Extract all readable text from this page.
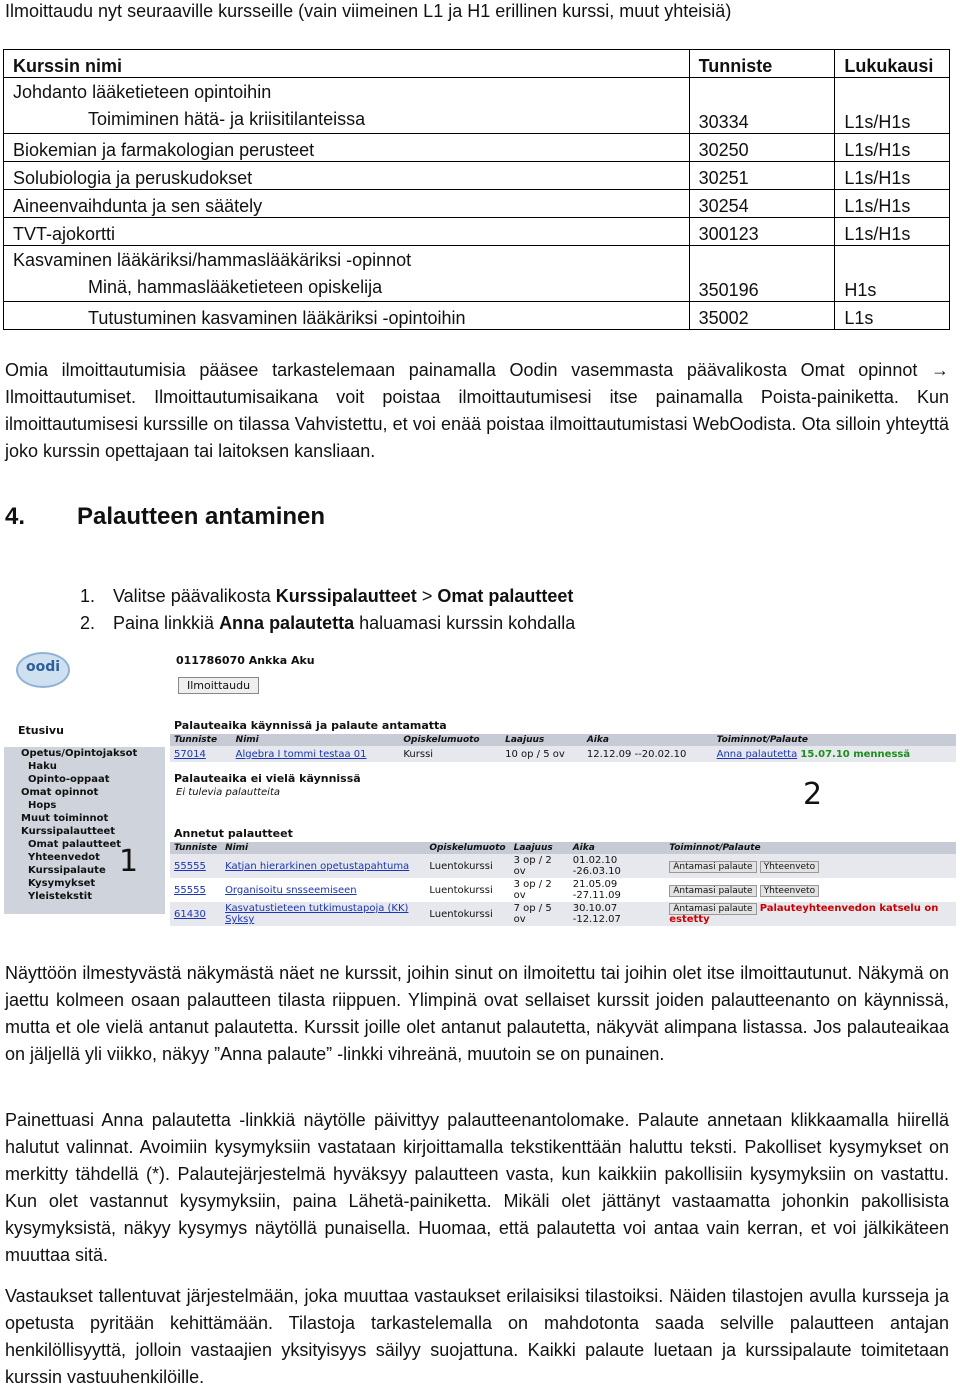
Ilmoittaudu nyt seuraaville kursseille (vain viimeinen L1 ja H1 erillinen kurssi, muut yhteisiä)
Kurssin nimi	Tunniste	Lukukausi

Johdanto lääketieteen opintoihin
Toimiminen hätä- ja kriisitilanteissa	30334	L1s/H1s
Biokemian ja farmakologian perusteet	30250	L1s/H1s
Solubiologia ja peruskudokset	30251	L1s/H1s
Aineenvaihdunta ja sen säätely	30254	L1s/H1s
TVT-ajokortti	300123	L1s/H1s

Kasvaminen lääkäriksi/hammaslääkäriksi -opinnot
Minä, hammaslääketieteen opiskelija	350196	H1s

Tutustuminen kasvaminen lääkäriksi -opintoihin	35002	L1s
Omia ilmoittautumisia pääsee tarkastelemaan painamalla Oodin vasemmasta päävalikosta Omat opinnot → Ilmoittautumiset. Ilmoittautumisaikana voit poistaa ilmoittautumisesi itse painamalla Poista-painiketta. Kun ilmoittautumisesi kurssille on tilassa Vahvistettu, et voi enää poistaa ilmoittautumistasi WebOodista. Ota silloin yhteyttä joko kurssin opettajaan tai laitoksen kansliaan.
4. Palautteen antaminen
1. Valitse päävalikosta Kurssipalautteet > Omat palautteet
2. Paina linkkiä Anna palautetta haluamasi kurssin kohdalla
oodi	011786070 Ankka Aku
Ilmoittaudu
Etusivu
Opetus/Opintojaksot
Haku
Opinto-oppaat
Omat opinnot
Hops
Muut toiminnot
Kurssipalautteet
Omat palautteet
Yhteenvedot
Kurssipalaute
Kysymykset
Yleistekstit
1
Palauteaika käynnissä ja palaute antamatta
Tunniste	Nimi	Opiskelumuoto	Laajuus	Aika	Toiminnot/Palaute
57014	Algebra I tommi testaa 01	Kurssi	10 op / 5 ov	12.12.09 --20.02.10	Anna palautetta 15.07.10 mennessä
Palauteaika ei vielä käynnissä
Ei tulevia palautteita	2
Annetut palautteet
Tunniste	Nimi	Opiskelumuoto	Laajuus	Aika	Toiminnot/Palaute
55555	Katjan hierarkinen opetustapahtuma	Luentokurssi	3 op / 2 ov	01.02.10 -26.03.10	Antamasi palaute Yhteenveto
55555	Organisoitu snsseemiseen	Luentokurssi	3 op / 2 ov	21.05.09 -27.11.09	Antamasi palaute Yhteenveto
61430	Kasvatustieteen tutkimustapoja (KK) Syksy	Luentokurssi	7 op / 5 ov	30.10.07 -12.12.07	Antamasi palaute Palauteyhteenvedon katselu on estetty
Näyttöön ilmestyvästä näkymästä näet ne kurssit, joihin sinut on ilmoitettu tai joihin olet itse ilmoittautunut. Näkymä on jaettu kolmeen osaan palautteen tilasta riippuen. Ylimpinä ovat sellaiset kurssit joiden palautteenanto on käynnissä, mutta et ole vielä antanut palautetta. Kurssit joille olet antanut palautetta, näkyvät alimpana listassa. Jos palauteaikaa on jäljellä yli viikko, näkyy ”Anna palaute” -linkki vihreänä, muutoin se on punainen.
Painettuasi Anna palautetta -linkkiä näytölle päivittyy palautteenantolomake. Palaute annetaan klikkaamalla hiirellä halutut valinnat. Avoimiin kysymyksiin vastataan kirjoittamalla tekstikenttään haluttu teksti. Pakolliset kysymykset on merkitty tähdellä (*). Palautejärjestelmä hyväksyy palautteen vasta, kun kaikkiin pakollisiin kysymyksiin on vastattu. Kun olet vastannut kysymyksiin, paina Lähetä-painiketta. Mikäli olet jättänyt vastaamatta johonkin pakollisista kysymyksistä, näkyy kysymys näytöllä punaisella. Huomaa, että palautetta voi antaa vain kerran, et voi jälkikäteen muuttaa sitä.
Vastaukset tallentuvat järjestelmään, joka muuttaa vastaukset erilaisiksi tilastoiksi. Näiden tilastojen avulla kursseja ja opetusta pyritään kehittämään. Tilastoja tarkastelemalla on mahdotonta saada selville palautteen antajan henkilöllisyyttä, jolloin vastaajien yksityisyys säilyy suojattuna. Kaikki palaute luetaan ja kurssipalaute toimitetaan kurssin vastuuhenkilöille.
